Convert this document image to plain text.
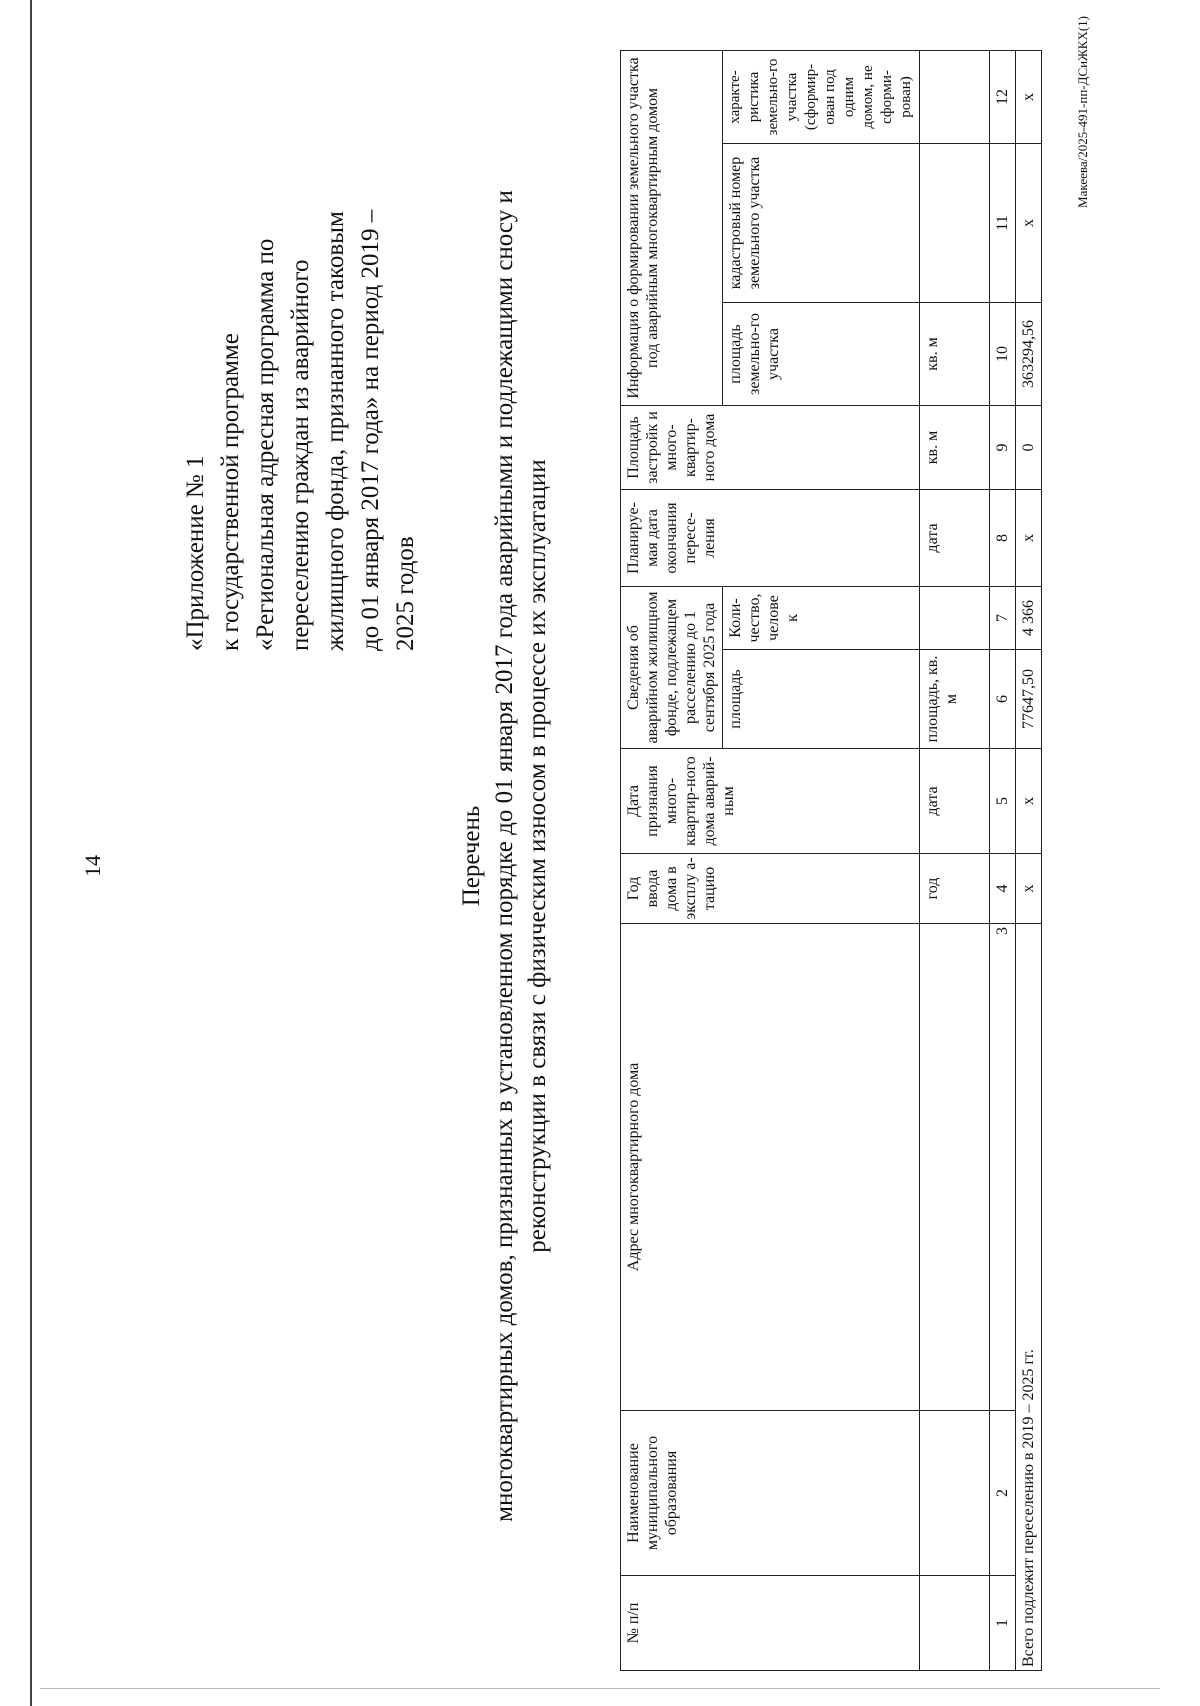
14
«Приложение № 1 к государственной программе «Региональная адресная программа по переселению граждан из аварийного жилищного фонда, признанного таковым до 01 января 2017 года» на период 2019 – 2025 годов
Перечень многоквартирных домов, признанных в установленном порядке до 01 января 2017 года аварийными и подлежащими сносу и реконструкции в связи с физическим износом в процессе их эксплуатации
№ п/п	Наименование муниципального образования	Адрес многоквартирного дома	Год ввода дома в эксплу а-тацию	Дата признания много-квартир-ного дома аварий-ным	Сведения об аварийном жилищном фонде, подлежащем расселению до 1 сентября 2025 года		Планируе-мая дата окончания пересе-ления	Площадь застройк и много-квартир-ного дома	Информация о формировании земельного участка под аварийным многоквартирным домом		
					площадь	Коли-чество, челове к			площадь земельно-го участка	кадастровый номер земельного участка	характе-ристика земельно-го участка (сформир-ован под одним домом, не сформи-рован)
			год	дата	площадь, кв. м		дата	кв. м	кв. м		
1	2	3	4	5	6	7	8	9	10	11	12
Всего подлежит переселению в 2019 – 2025 гг.			х	х	77647,50	4 366	х	0	363294,56	х	х	Макеева/2025-491-пп-ДСиЖКХ(1)
